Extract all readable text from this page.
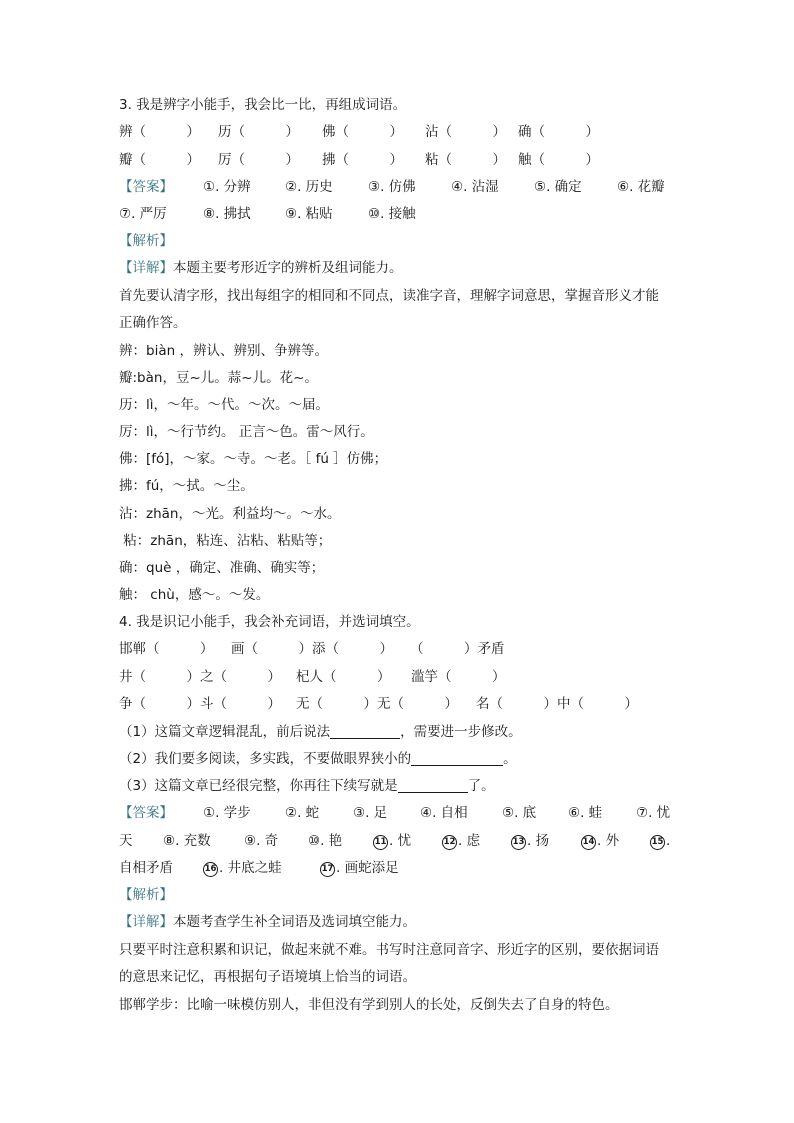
3. 我是辨字小能手，我会比一比，再组成词语。
辨（　　　） 历（　　　） 佛（　　　） 沾（　　　） 确（　　　）
瓣（　　　） 厉（　　　） 拂（　　　） 粘（　　　） 触（　　　）
【答案】 ①. 分辨	②. 历史	③. 仿佛	④. 沾湿	⑤. 确定	⑥. 花瓣
⑦. 严厉	⑧. 拂拭	⑨. 粘贴	⑩. 接触
【解析】
【详解】本题主要考形近字的辨析及组词能力。
首先要认清字形，找出每组字的相同和不同点，读准字音，理解字词意思，掌握音形义才能
正确作答。
辨：biàn ，辨认、辨别、争辨等。
瓣:bàn，豆~儿。蒜~儿。花~。
历：lì，～年。～代。～次。～届。
厉：lì，～行节约。 正言～色。雷～风行。
佛：[fó]，～家。～寺。～老。［ fú ］仿佛；
拂：fú，～拭。～尘。
沾：zhān，～光。利益均～。～水。
粘：zhān，粘连、沾粘、粘贴等；
确：què ，确定、准确、确实等；
触： chù，感～。～发。
4. 我是识记小能手，我会补充词语，并选词填空。
邯郸（　　　） 画（　　　）添（　　　） （　　　）矛盾
井（　　　）之（　　　） 杞人（　　　） 滥竽（　　　）
争（　　　）斗（　　　） 无（　　　）无（　　　） 名（　　　）中（　　　）
（1）这篇文章逻辑混乱，前后说法	，需要进一步修改。
（2）我们要多阅读，多实践，不要做眼界狭小的	。
（3）这篇文章已经很完整，你再往下续写就是	了。
【答案】 ①. 学步	②. 蛇	③. 足 ④. 自相	⑤. 底 ⑥. 蛙	⑦. 忧
天 ⑧. 充数 ⑨. 奇 ⑩. 艳	11 . 忧	12 . 虑	13 . 扬	14 . 外	15 .
自相矛盾	16 . 井底之蛙	17 . 画蛇添足
【解析】
【详解】本题考查学生补全词语及选词填空能力。
只要平时注意积累和识记，做起来就不难。书写时注意同音字、形近字的区别，要依据词语
的意思来记忆，再根据句子语境填上恰当的词语。
邯郸学步：比喻一味模仿别人，非但没有学到别人的长处，反倒失去了自身的特色。
